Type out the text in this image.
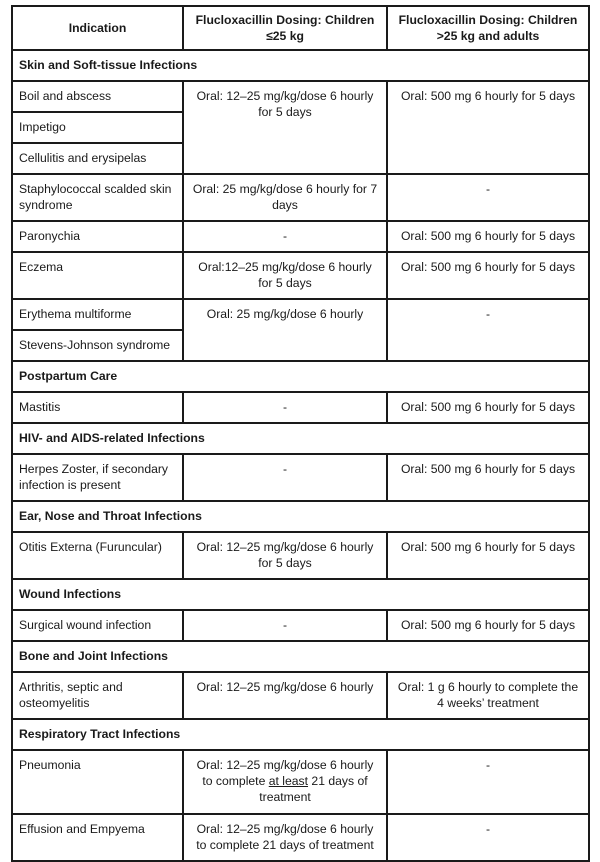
Indication	Flucloxacillin Dosing: Children ≤25 kg	Flucloxacillin Dosing: Children >25 kg and adults
Skin and Soft-tissue Infections		
Boil and abscess	Oral: 12–25 mg/kg/dose 6 hourly for 5 days	Oral: 500 mg 6 hourly for 5 days
Impetigo		
Cellulitis and erysipelas		
Staphylococcal scalded skin syndrome	Oral: 25 mg/kg/dose 6 hourly for 7 days	-
Paronychia	-	Oral: 500 mg 6 hourly for 5 days
Eczema	Oral:12–25 mg/kg/dose 6 hourly for 5 days	Oral: 500 mg 6 hourly for 5 days
Erythema multiforme	Oral: 25 mg/kg/dose 6 hourly	-
Stevens-Johnson syndrome		
Postpartum Care		
Mastitis	-	Oral: 500 mg 6 hourly for 5 days
HIV- and AIDS-related Infections		
Herpes Zoster, if secondary infection is present	-	Oral: 500 mg 6 hourly for 5 days
Ear, Nose and Throat Infections		
Otitis Externa (Furuncular)	Oral: 12–25 mg/kg/dose 6 hourly for 5 days	Oral: 500 mg 6 hourly for 5 days
Wound Infections		
Surgical wound infection	-	Oral: 500 mg 6 hourly for 5 days
Bone and Joint Infections		
Arthritis, septic and osteomyelitis	Oral: 12–25 mg/kg/dose 6 hourly	Oral: 1 g 6 hourly to complete the 4 weeks’ treatment
Respiratory Tract Infections		
Pneumonia	Oral: 12–25 mg/kg/dose 6 hourly to complete at least 21 days of treatment	-
Effusion and Empyema	Oral: 12–25 mg/kg/dose 6 hourly to complete 21 days of treatment	-
